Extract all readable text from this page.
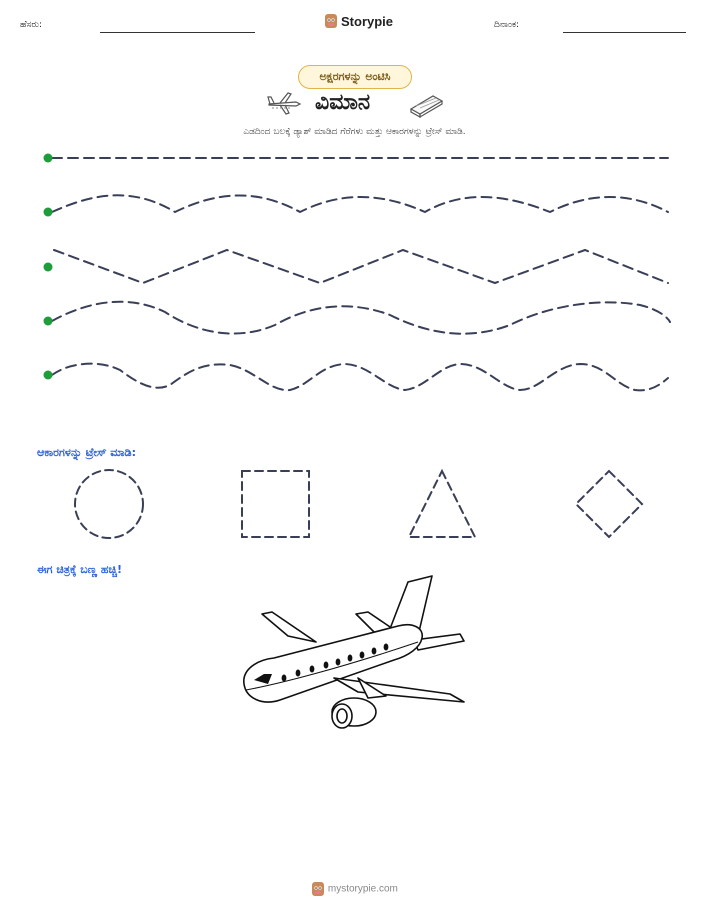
ಹೆಸರು:	Storypie	ದಿನಾಂಕ:
ಅಕ್ಷರಗಳನ್ನು ಅಂಟಿಸಿ
ವಿಮಾನ
ಎಡದಿಂದ ಬಲಕ್ಕೆ ಡ್ಯಾಶ್ ಮಾಡಿದ ಗೆರೆಗಳು ಮತ್ತು ಆಕಾರಗಳನ್ನು ಟ್ರೇಸ್ ಮಾಡಿ.
ಆಕಾರಗಳನ್ನು ಟ್ರೇಸ್ ಮಾಡಿ:
ಈಗ ಚಿತ್ರಕ್ಕೆ ಬಣ್ಣ ಹಚ್ಚಿ!
mystorypie.com
